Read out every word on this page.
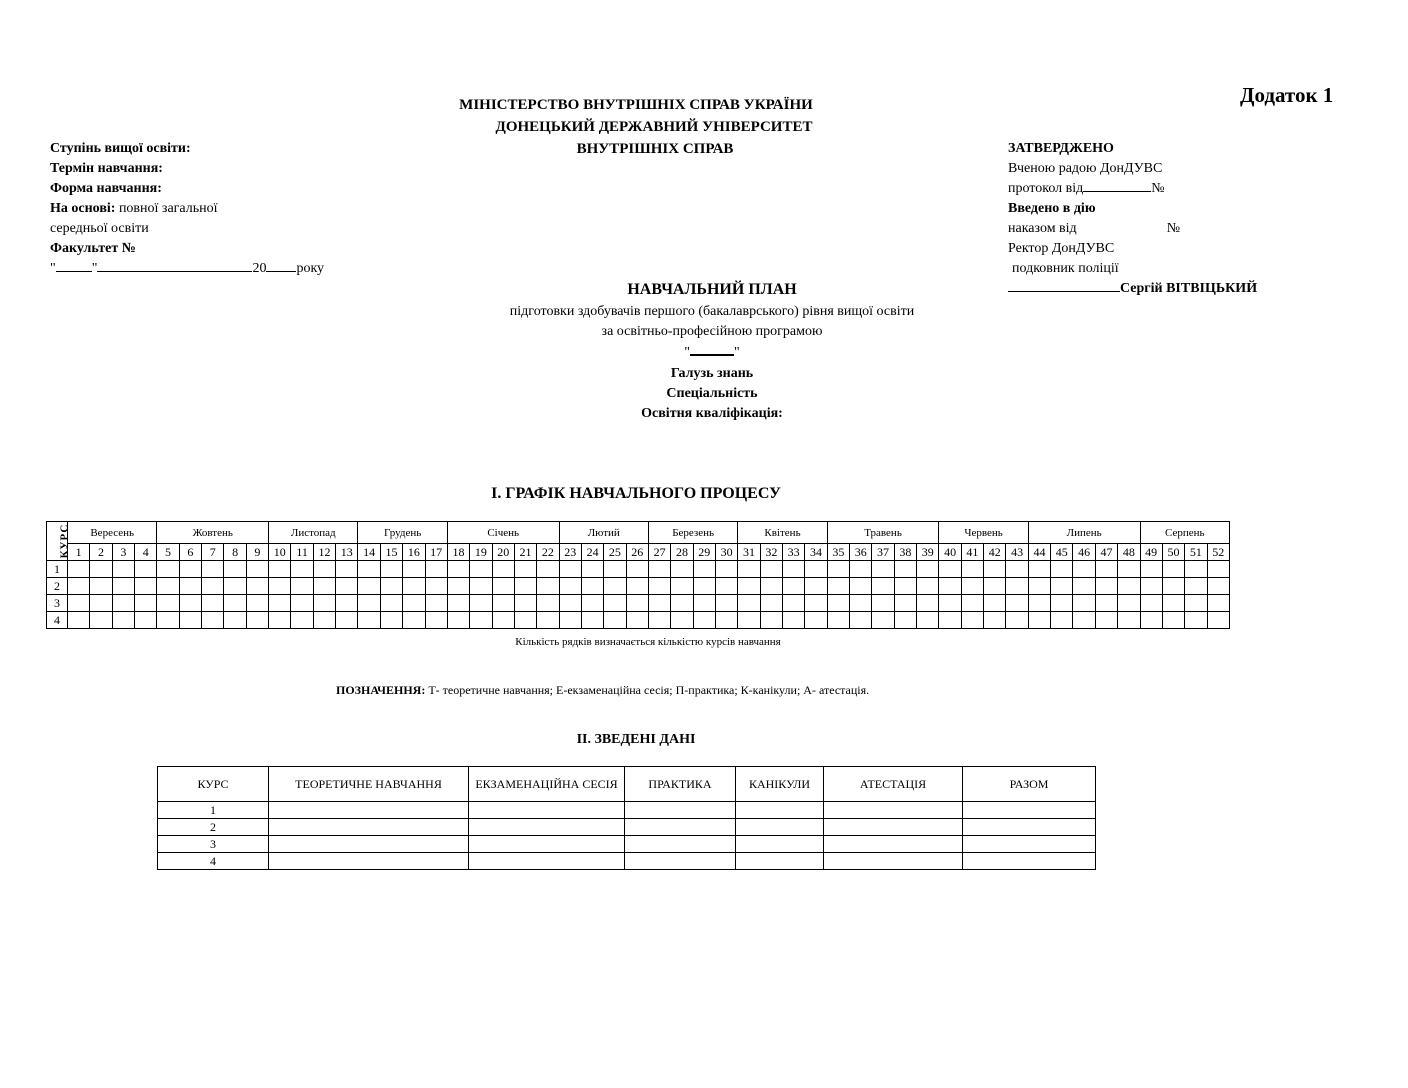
Додаток 1
МІНІСТЕРСТВО ВНУТРІШНІХ СПРАВ УКРАЇНИ
ДОНЕЦЬКИЙ ДЕРЖАВНИЙ УНІВЕРСИТЕТ
ВНУТРІШНІХ СПРАВ
Ступінь вищої освіти:
Термін навчання:
Форма навчання:
На основі: повної загальної
середньої освіти
Факультет №
"	"	20 року
ЗАТВЕРДЖЕНО
Вченою радою ДонДУВС
протокол від	№
Введено в дію
наказом від	№
Ректор ДонДУВС
подковник поліції
Сергій ВІТВІЦЬКИЙ
НАВЧАЛЬНИЙ ПЛАН
підготовки здобувачів першого (бакалаврського) рівня вищої освіти
за освітньо-професійною програмою
"	"
Галузь знань
Спеціальність
Освітня кваліфікація:
I. ГРАФІК НАВЧАЛЬНОГО ПРОЦЕСУ
КУРС	Вересень				Жовтень					Листопад				Грудень				Січень					Лютий				Березень				Квітень				Травень					Червень				Липень					Серпень			
	1	2	3	4	5	6	7	8	9	10	11	12	13	14	15	16	17	18	19	20	21	22	23	24	25	26	27	28	29	30	31	32	33	34	35	36	37	38	39	40	41	42	43	44	45	46	47	48	49	50	51	52
1																																																				
2																																																				
3																																																				
4																																																				
Кількість рядків визначається кількістю курсів навчання
ПОЗНАЧЕННЯ: Т- теоретичне навчання; Е-екзаменаційна сесія; П-практика; К-канікули; А- атестація.
ІІ. ЗВЕДЕНІ ДАНІ
КУРС	ТЕОРЕТИЧНЕ НАВЧАННЯ	ЕКЗАМЕНАЦІЙНА СЕСІЯ	ПРАКТИКА	КАНІКУЛИ	АТЕСТАЦІЯ	РАЗОМ
1						
2						
3						
4						
